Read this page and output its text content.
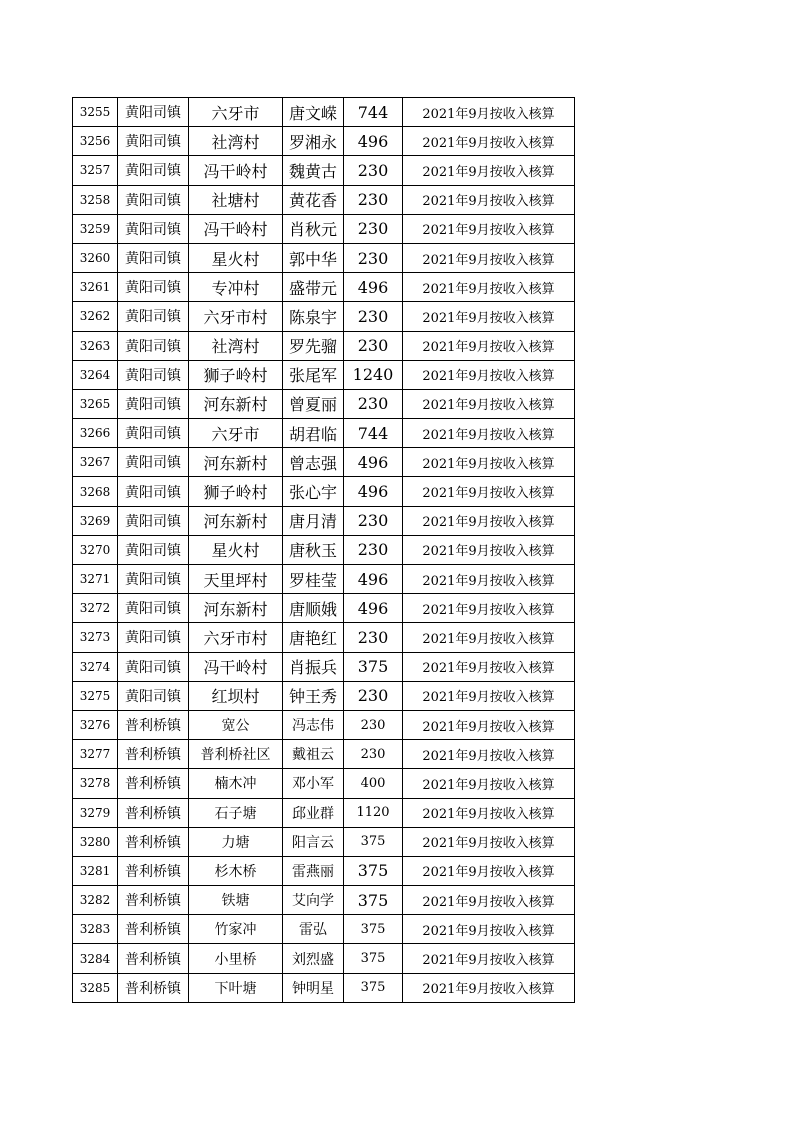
3255	黄阳司镇	六牙市	唐文嵘	744	2021年9月按收入核算
3256	黄阳司镇	社湾村	罗湘永	496	2021年9月按收入核算
3257	黄阳司镇	冯干岭村	魏黄古	230	2021年9月按收入核算
3258	黄阳司镇	社塘村	黄花香	230	2021年9月按收入核算
3259	黄阳司镇	冯干岭村	肖秋元	230	2021年9月按收入核算
3260	黄阳司镇	星火村	郭中华	230	2021年9月按收入核算
3261	黄阳司镇	专冲村	盛带元	496	2021年9月按收入核算
3262	黄阳司镇	六牙市村	陈泉宇	230	2021年9月按收入核算
3263	黄阳司镇	社湾村	罗先骝	230	2021年9月按收入核算
3264	黄阳司镇	狮子岭村	张尾军	1240	2021年9月按收入核算
3265	黄阳司镇	河东新村	曾夏丽	230	2021年9月按收入核算
3266	黄阳司镇	六牙市	胡君临	744	2021年9月按收入核算
3267	黄阳司镇	河东新村	曾志强	496	2021年9月按收入核算
3268	黄阳司镇	狮子岭村	张心宇	496	2021年9月按收入核算
3269	黄阳司镇	河东新村	唐月清	230	2021年9月按收入核算
3270	黄阳司镇	星火村	唐秋玉	230	2021年9月按收入核算
3271	黄阳司镇	天里坪村	罗桂莹	496	2021年9月按收入核算
3272	黄阳司镇	河东新村	唐顺娥	496	2021年9月按收入核算
3273	黄阳司镇	六牙市村	唐艳红	230	2021年9月按收入核算
3274	黄阳司镇	冯干岭村	肖振兵	375	2021年9月按收入核算
3275	黄阳司镇	红坝村	钟王秀	230	2021年9月按收入核算
3276	普利桥镇	宽公	冯志伟	230	2021年9月按收入核算
3277	普利桥镇	普利桥社区	戴祖云	230	2021年9月按收入核算
3278	普利桥镇	楠木冲	邓小军	400	2021年9月按收入核算
3279	普利桥镇	石子塘	邱业群	1120	2021年9月按收入核算
3280	普利桥镇	力塘	阳言云	375	2021年9月按收入核算
3281	普利桥镇	杉木桥	雷燕丽	375	2021年9月按收入核算
3282	普利桥镇	铁塘	艾向学	375	2021年9月按收入核算
3283	普利桥镇	竹家冲	雷弘	375	2021年9月按收入核算
3284	普利桥镇	小里桥	刘烈盛	375	2021年9月按收入核算
3285	普利桥镇	下叶塘	钟明星	375	2021年9月按收入核算
